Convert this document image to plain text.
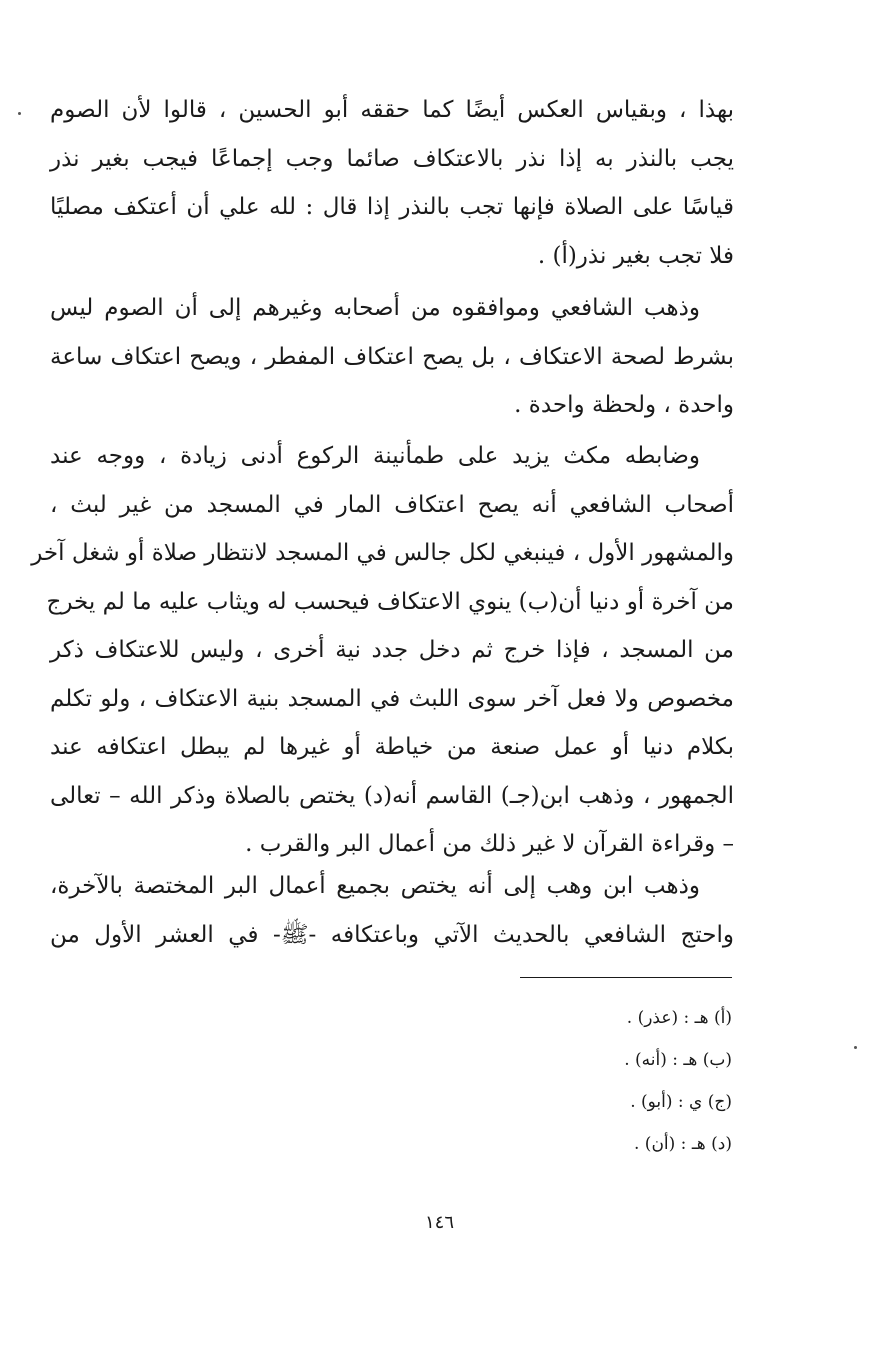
بهذا ، وبقياس العكس أيضًا كما حققه أبو الحسين ، قالوا لأن الصوم
يجب بالنذر به إذا نذر بالاعتكاف صائما وجب إجماعًا فيجب بغير نذر
قياسًا على الصلاة فإنها تجب بالنذر إذا قال : لله علي أن أعتكف مصليًا
فلا تجب بغير نذر(أ) .
وذهب الشافعي وموافقوه من أصحابه وغيرهم إلى أن الصوم ليس
بشرط لصحة الاعتكاف ، بل يصح اعتكاف المفطر ، ويصح اعتكاف ساعة
واحدة ، ولحظة واحدة .
وضابطه مكث يزيد على طمأنينة الركوع أدنى زيادة ، ووجه عند
أصحاب الشافعي أنه يصح اعتكاف المار في المسجد من غير لبث ،
والمشهور الأول ، فينبغي لكل جالس في المسجد لانتظار صلاة أو شغل آخر
من آخرة أو دنيا أن(ب) ينوي الاعتكاف فيحسب له ويثاب عليه ما لم يخرج
من المسجد ، فإذا خرج ثم دخل جدد نية أخرى ، وليس للاعتكاف ذكر
مخصوص ولا فعل آخر سوى اللبث في المسجد بنية الاعتكاف ، ولو تكلم
بكلام دنيا أو عمل صنعة من خياطة أو غيرها لم يبطل اعتكافه عند
الجمهور ، وذهب ابن(جـ) القاسم أنه(د) يختص بالصلاة وذكر الله – تعالى
– وقراءة القرآن لا غير ذلك من أعمال البر والقرب .
وذهب ابن وهب إلى أنه يختص بجميع أعمال البر المختصة بالآخرة،
واحتج الشافعي بالحديث الآتي وباعتكافه -ﷺ- في العشر الأول من
(أ) هـ : (عذر) .
(ب) هـ : (أنه) .
(ج) ي : (أبو) .
(د) هـ : (أن) .
١٤٦
